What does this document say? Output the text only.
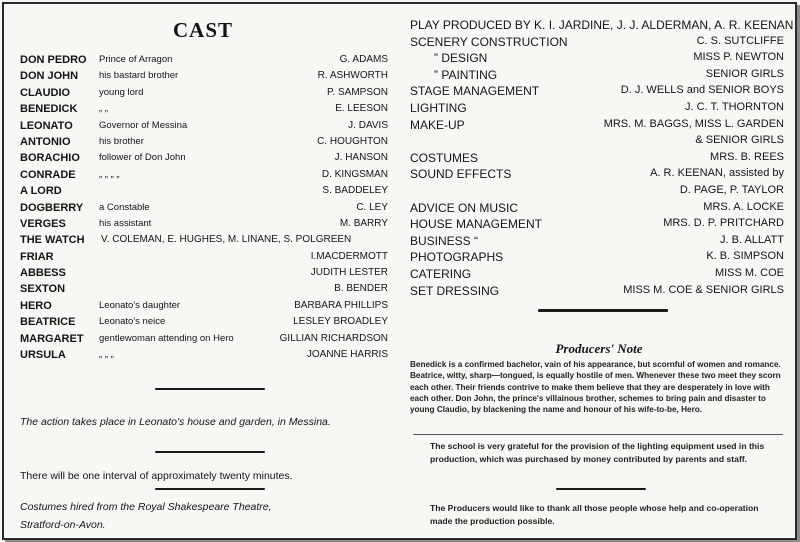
CAST
DON PEDRO Prince of Arragon	G. ADAMS
DON JOHN his bastard brother	R. ASHWORTH
CLAUDIO	young lord	P. SAMPSON
BENEDICK „ „	E. LEESON
LEONATO	Governor of Messina	J. DAVIS
ANTONIO	his brother	C. HOUGHTON
BORACHIO follower of Don John	J. HANSON
CONRADE „ „ „ „	D. KINGSMAN
A LORD	S. BADDELEY
DOGBERRY a Constable	C. LEY
VERGES	his assistant	M. BARRY
THE WATCH V. COLEMAN, E. HUGHES, M. LINANE, S. POLGREEN
FRIAR	I.MACDERMOTT
ABBESS	JUDITH LESTER
SEXTON	B. BENDER
HERO	Leonato's daughter	BARBARA PHILLIPS
BEATRICE Leonato's neice	LESLEY BROADLEY
MARGARET gentlewoman attending on Hero	GILLIAN RICHARDSON
URSULA	„ „ „	JOANNE HARRIS
The action takes place in Leonato's house and garden, in Messina.
There will be one interval of approximately twenty minutes.
Costumes hired from the Royal Shakespeare Theatre,
Stratford-on-Avon.
PLAY PRODUCED BY K. I. JARDINE, J. J. ALDERMAN, A. R. KEENAN
SCENERY CONSTRUCTION	C. S. SUTCLIFFE
” DESIGN	MISS P. NEWTON
” PAINTING	SENIOR GIRLS
STAGE MANAGEMENT	D. J. WELLS and SENIOR BOYS
LIGHTING	J. C. T. THORNTON
MAKE-UP	MRS. M. BAGGS, MISS L. GARDEN
& SENIOR GIRLS
COSTUMES	MRS. B. REES
SOUND EFFECTS	A. R. KEENAN, assisted by
D. PAGE, P. TAYLOR
ADVICE ON MUSIC	MRS. A. LOCKE
HOUSE MANAGEMENT	MRS. D. P. PRITCHARD
BUSINESS “	J. B. ALLATT
PHOTOGRAPHS	K. B. SIMPSON
CATERING	MISS M. COE
SET DRESSING	MISS M. COE & SENIOR GIRLS
Producers' Note
Benedick is a confirmed bachelor, vain of his appearance, but scornful of women and romance. Beatrice, witty, sharp—tongued, is equally hostile of men. Whenever these two meet they scorn each other. Their friends contrive to make them believe that they are desperately in love with each other. Don John, the prince's villainous brother, schemes to bring pain and disaster to young Claudio, by blackening the name and honour of his wife-to-be, Hero.
The school is very grateful for the provision of the lighting equipment used in this production, which was purchased by money contributed by parents and staff.
The Producers would like to thank all those people whose help and co-operation made the production possible.
